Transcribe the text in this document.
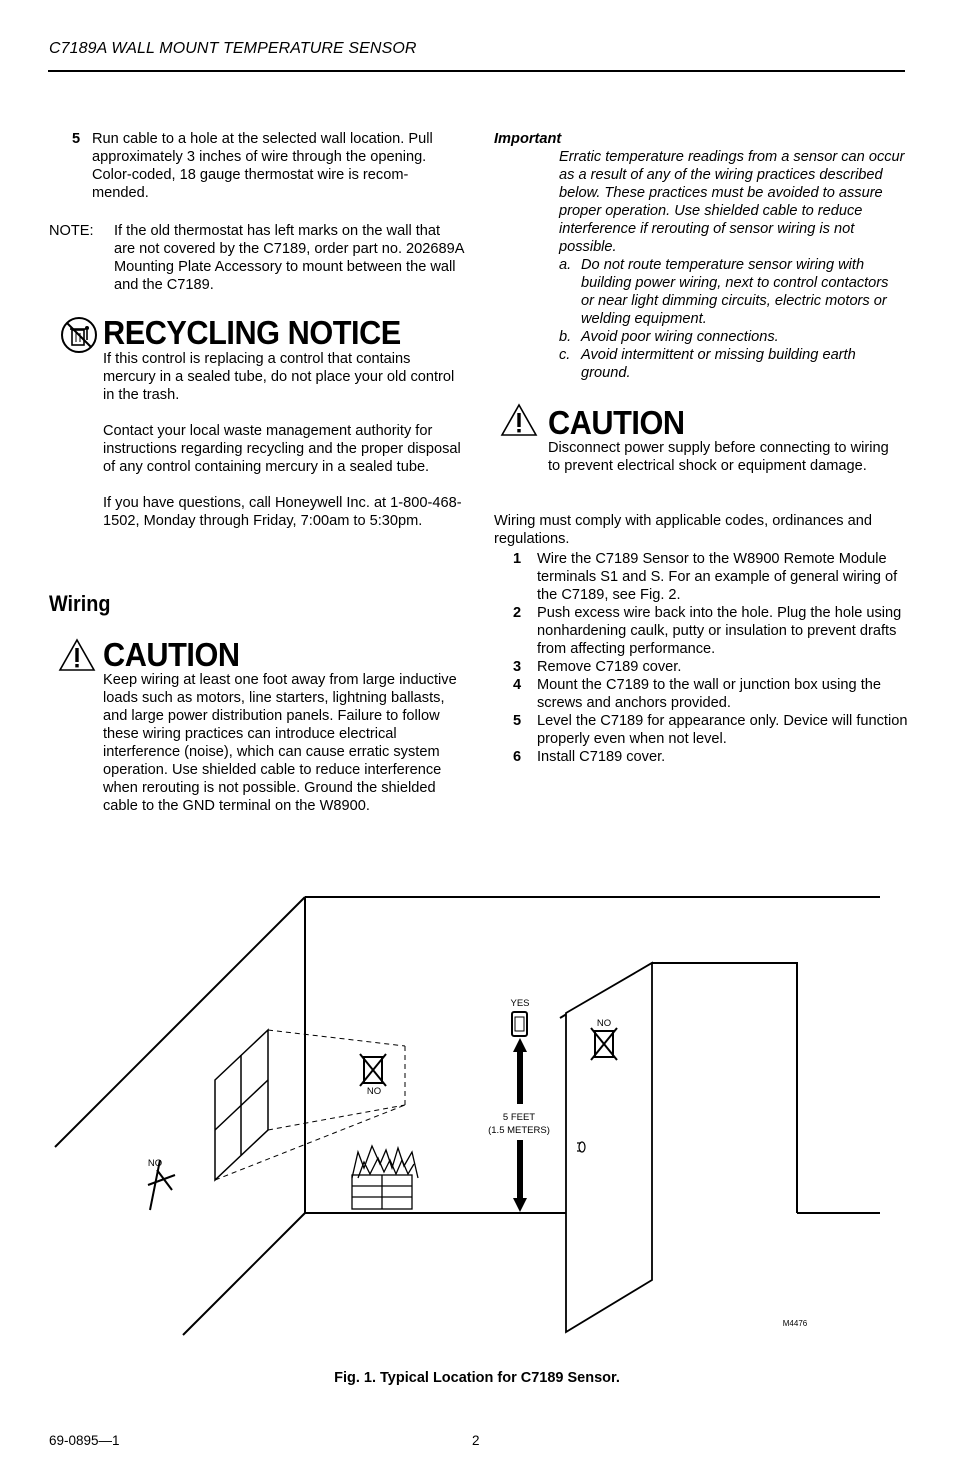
C7189A WALL MOUNT TEMPERATURE SENSOR
5 Run cable to a hole at the selected wall location. Pull approximately 3 inches of wire through the opening. Color-coded, 18 gauge thermostat wire is recom-mended.
NOTE: If the old thermostat has left marks on the wall that are not covered by the C7189, order part no. 202689A Mounting Plate Accessory to mount between the wall and the C7189.
RECYCLING NOTICE

If this control is replacing a control that contains mercury in a sealed tube, do not place your old control in the trash.

Contact your local waste management authority for instructions regarding recycling and the proper disposal of any control containing mercury in a sealed tube.

If you have questions, call Honeywell Inc. at 1-800-468-1502, Monday through Friday, 7:00am to 5:30pm.

Wiring
CAUTION
Keep wiring at least one foot away from large inductive loads such as motors, line starters, lightning ballasts, and large power distribution panels. Failure to follow these wiring practices can introduce electrical interference (noise), which can cause erratic system operation. Use shielded cable to reduce interference when rerouting is not possible. Ground the shielded cable to the GND terminal on the W8900.
Important
Erratic temperature readings from a sensor can occur as a result of any of the wiring practices described below. These practices must be avoided to assure proper operation. Use shielded cable to reduce interference if rerouting of sensor wiring is not possible.
a. Do not route temperature sensor wiring with building power wiring, next to control contactors or near light dimming circuits, electric motors or welding equipment.
b. Avoid poor wiring connections.
c. Avoid intermittent or missing building earth ground.
CAUTION
Disconnect power supply before connecting to wiring to prevent electrical shock or equipment damage.
Wiring must comply with applicable codes, ordinances and regulations.
1 Wire the C7189 Sensor to the W8900 Remote Module terminals S1 and S. For an example of general wiring of the C7189, see Fig. 2.
2 Push excess wire back into the hole. Plug the hole using nonhardening caulk, putty or insulation to prevent drafts from affecting performance.
3 Remove C7189 cover.
4 Mount the C7189 to the wall or junction box using the screws and anchors provided.
5 Level the C7189 for appearance only. Device will function properly even when not level.
6 Install C7189 cover.
YES
NO
NO
NO
5 FEET
(1.5 METERS)
M4476
Fig. 1. Typical Location for C7189 Sensor.
69-0895—1	2
